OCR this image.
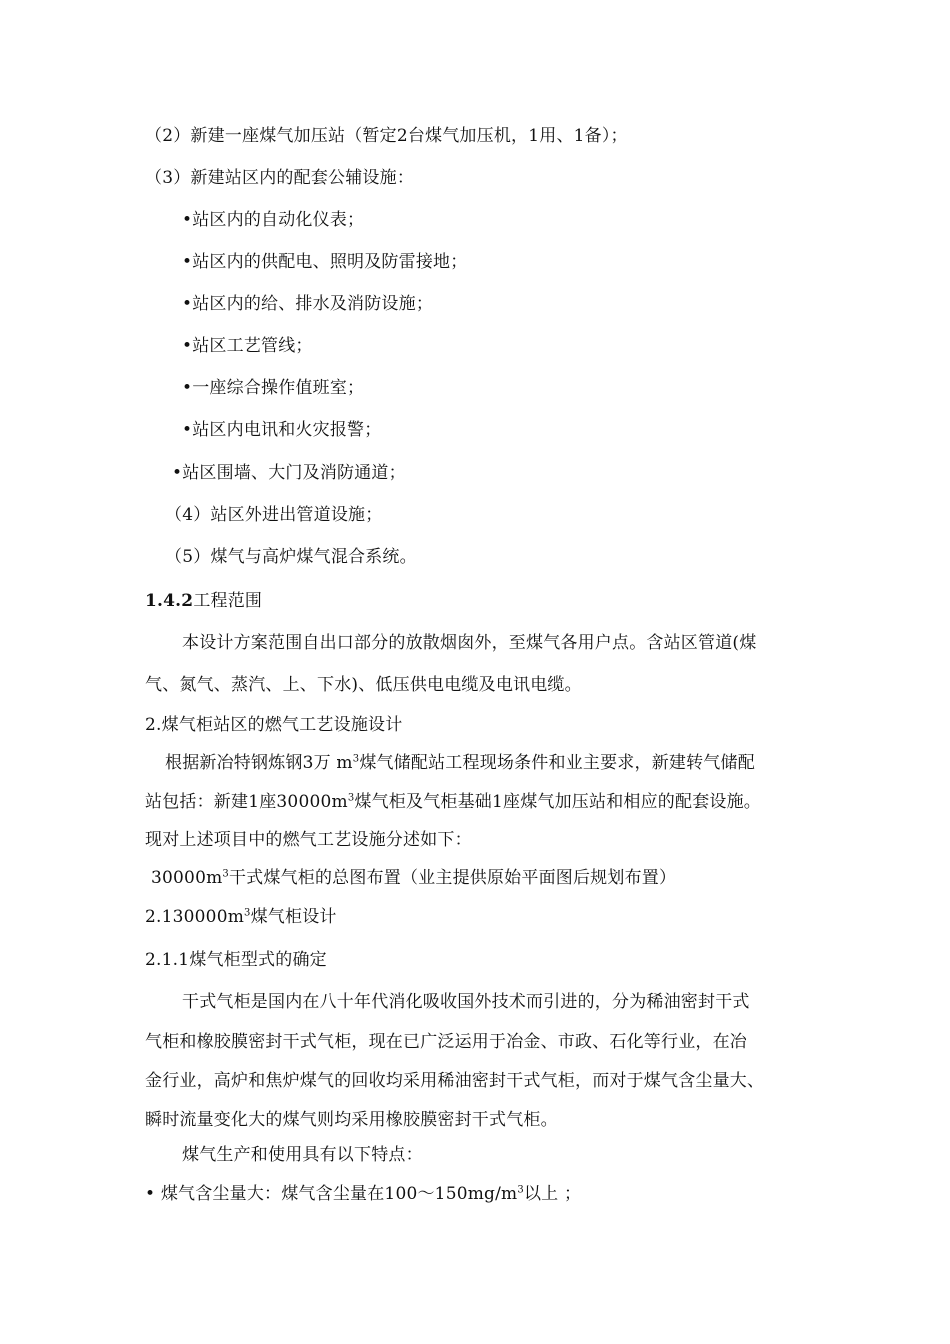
（2）新建一座煤气加压站（暂定2台煤气加压机，1用、1备）；
（3）新建站区内的配套公辅设施：
•站区内的自动化仪表；
•站区内的供配电、照明及防雷接地；
•站区内的给、排水及消防设施；
•站区工艺管线；
•一座综合操作值班室；
•站区内电讯和火灾报警；
•站区围墙、大门及消防通道；
（4）站区外进出管道设施；
（5）煤气与高炉煤气混合系统。
1.4.2工程范围
本设计方案范围自出口部分的放散烟囱外，至煤气各用户点。含站区管道(煤
气、氮气、蒸汽、上、下水)、低压供电电缆及电讯电缆。
2.煤气柜站区的燃气工艺设施设计
根据新冶特钢炼钢3万 $m^3$煤气储配站工程现场条件和业主要求，新建转气储配
站包括：新建1座$30000m^3$煤气柜及气柜基础1座煤气加压站和相应的配套设施。
现对上述项目中的燃气工艺设施分述如下：
$30000m^3$干式煤气柜的总图布置（业主提供原始平面图后规划布置）
$2.130000m^3$煤气柜设计
2.1.1煤气柜型式的确定
干式气柜是国内在八十年代消化吸收国外技术而引进的，分为稀油密封干式
气柜和橡胶膜密封干式气柜，现在已广泛运用于冶金、市政、石化等行业，在冶
金行业，高炉和焦炉煤气的回收均采用稀油密封干式气柜，而对于煤气含尘量大、
瞬时流量变化大的煤气则均采用橡胶膜密封干式气柜。
煤气生产和使用具有以下特点：
• 煤气含尘量大：煤气含尘量在$100\sim 150mg/m^3$以上 ；
